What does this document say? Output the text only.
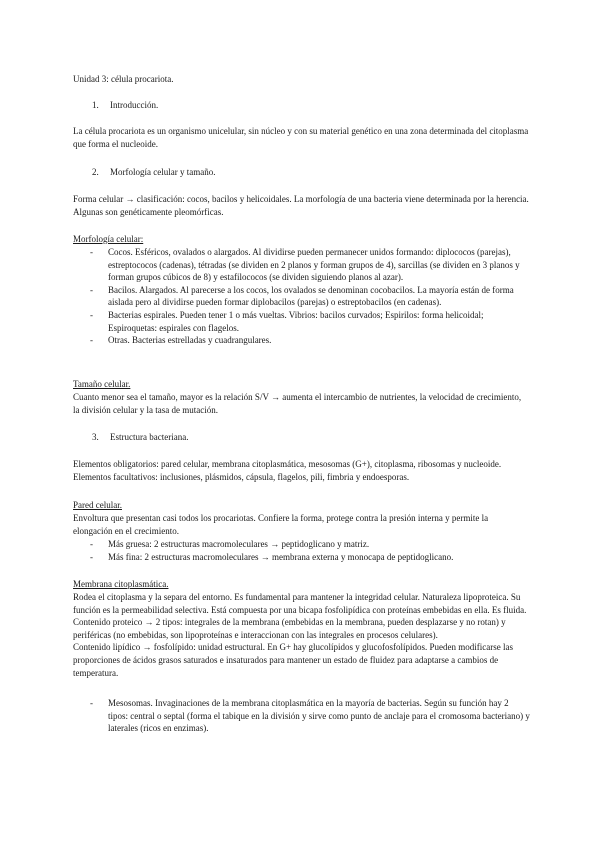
Unidad 3: célula procariota.

1. Introducción.

La célula procariota es un organismo unicelular, sin núcleo y con su material genético en una zona determinada del citoplasma que forma el nucleoide.

2. Morfología celular y tamaño.

Forma celular → clasificación: cocos, bacilos y helicoidales. La morfología de una bacteria viene determinada por la herencia. Algunas son genéticamente pleomórficas.

Morfología celular:

- Cocos. Esféricos, ovalados o alargados. Al dividirse pueden permanecer unidos formando: diplococos (parejas), estreptococos (cadenas), tétradas (se dividen en 2 planos y forman grupos de 4), sarcillas (se dividen en 3 planos y forman grupos cúbicos de 8) y estafilococos (se dividen siguiendo planos al azar).
- Bacilos. Alargados. Al parecerse a los cocos, los ovalados se denominan cocobacilos. La mayoría están de forma aislada pero al dividirse pueden formar diplobacilos (parejas) o estreptobacilos (en cadenas).
- Bacterias espirales. Pueden tener 1 o más vueltas. Vibrios: bacilos curvados; Espirilos: forma helicoidal; Espiroquetas: espirales con flagelos.
- Otras. Bacterias estrelladas y cuadrangulares.

Tamaño celular.

Cuanto menor sea el tamaño, mayor es la relación S/V → aumenta el intercambio de nutrientes, la velocidad de crecimiento, la división celular y la tasa de mutación.

3. Estructura bacteriana.

Elementos obligatorios: pared celular, membrana citoplasmática, mesosomas (G+), citoplasma, ribosomas y nucleoide. Elementos facultativos: inclusiones, plásmidos, cápsula, flagelos, pili, fimbria y endoesporas.

Pared celular.

Envoltura que presentan casi todos los procariotas. Confiere la forma, protege contra la presión interna y permite la elongación en el crecimiento.

- Más gruesa: 2 estructuras macromoleculares → peptidoglicano y matriz.
- Más fina: 2 estructuras macromoleculares → membrana externa y monocapa de peptidoglicano.

Membrana citoplasmática.

Rodea el citoplasma y la separa del entorno. Es fundamental para mantener la integridad celular. Naturaleza lipoproteica. Su función es la permeabilidad selectiva. Está compuesta por una bicapa fosfolipídica con proteínas embebidas en ella. Es fluida.

Contenido proteico → 2 tipos: integrales de la membrana (embebidas en la membrana, pueden desplazarse y no rotan) y periféricas (no embebidas, son lipoproteínas e interaccionan con las integrales en procesos celulares).

Contenido lipídico → fosfolípido: unidad estructural. En G+ hay glucolípidos y glucofosfolípidos. Pueden modificarse las proporciones de ácidos grasos saturados e insaturados para mantener un estado de fluidez para adaptarse a cambios de temperatura.

- Mesosomas. Invaginaciones de la membrana citoplasmática en la mayoría de bacterias. Según su función hay 2 tipos: central o septal (forma el tabique en la división y sirve como punto de anclaje para el cromosoma bacteriano) y laterales (ricos en enzimas).
